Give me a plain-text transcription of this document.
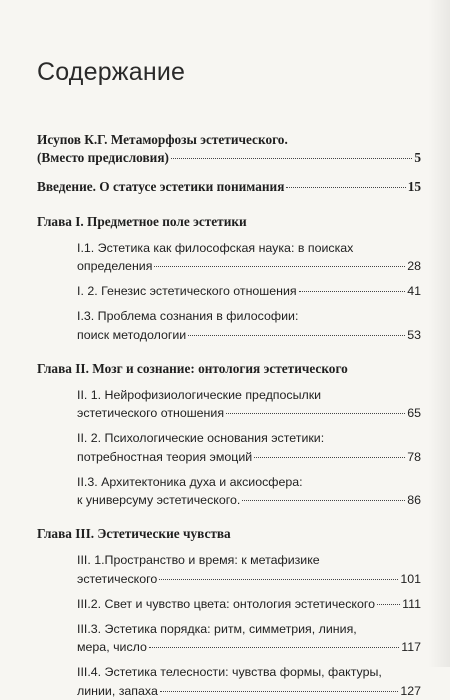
Содержание
Исупов К.Г. Метаморфозы эстетического.
(Вместо предисловия)	5
Введение. О статусе эстетики понимания	15
Глава I. Предметное поле эстетики
I.1. Эстетика как философская наука: в поисках
определения	28
I. 2. Генезис эстетического отношения	41
I.3. Проблема сознания в философии:
поиск методологии	53
Глава II. Мозг и сознание: онтология эстетического
II. 1. Нейрофизиологические предпосылки
эстетического отношения	65
II. 2. Психологические основания эстетики:
потребностная теория эмоций	78
II.3. Архитектоника духа и аксиосфера:
к универсуму эстетического.	86
Глава III. Эстетические чувства
III. 1.Пространство и время: к метафизике
эстетического	101
III.2. Свет и чувство цвета: онтология эстетического 111
III.3. Эстетика порядка: ритм, симметрия, линия,
мера, число	117
III.4. Эстетика телесности: чувства формы, фактуры,
линии, запаха	127
